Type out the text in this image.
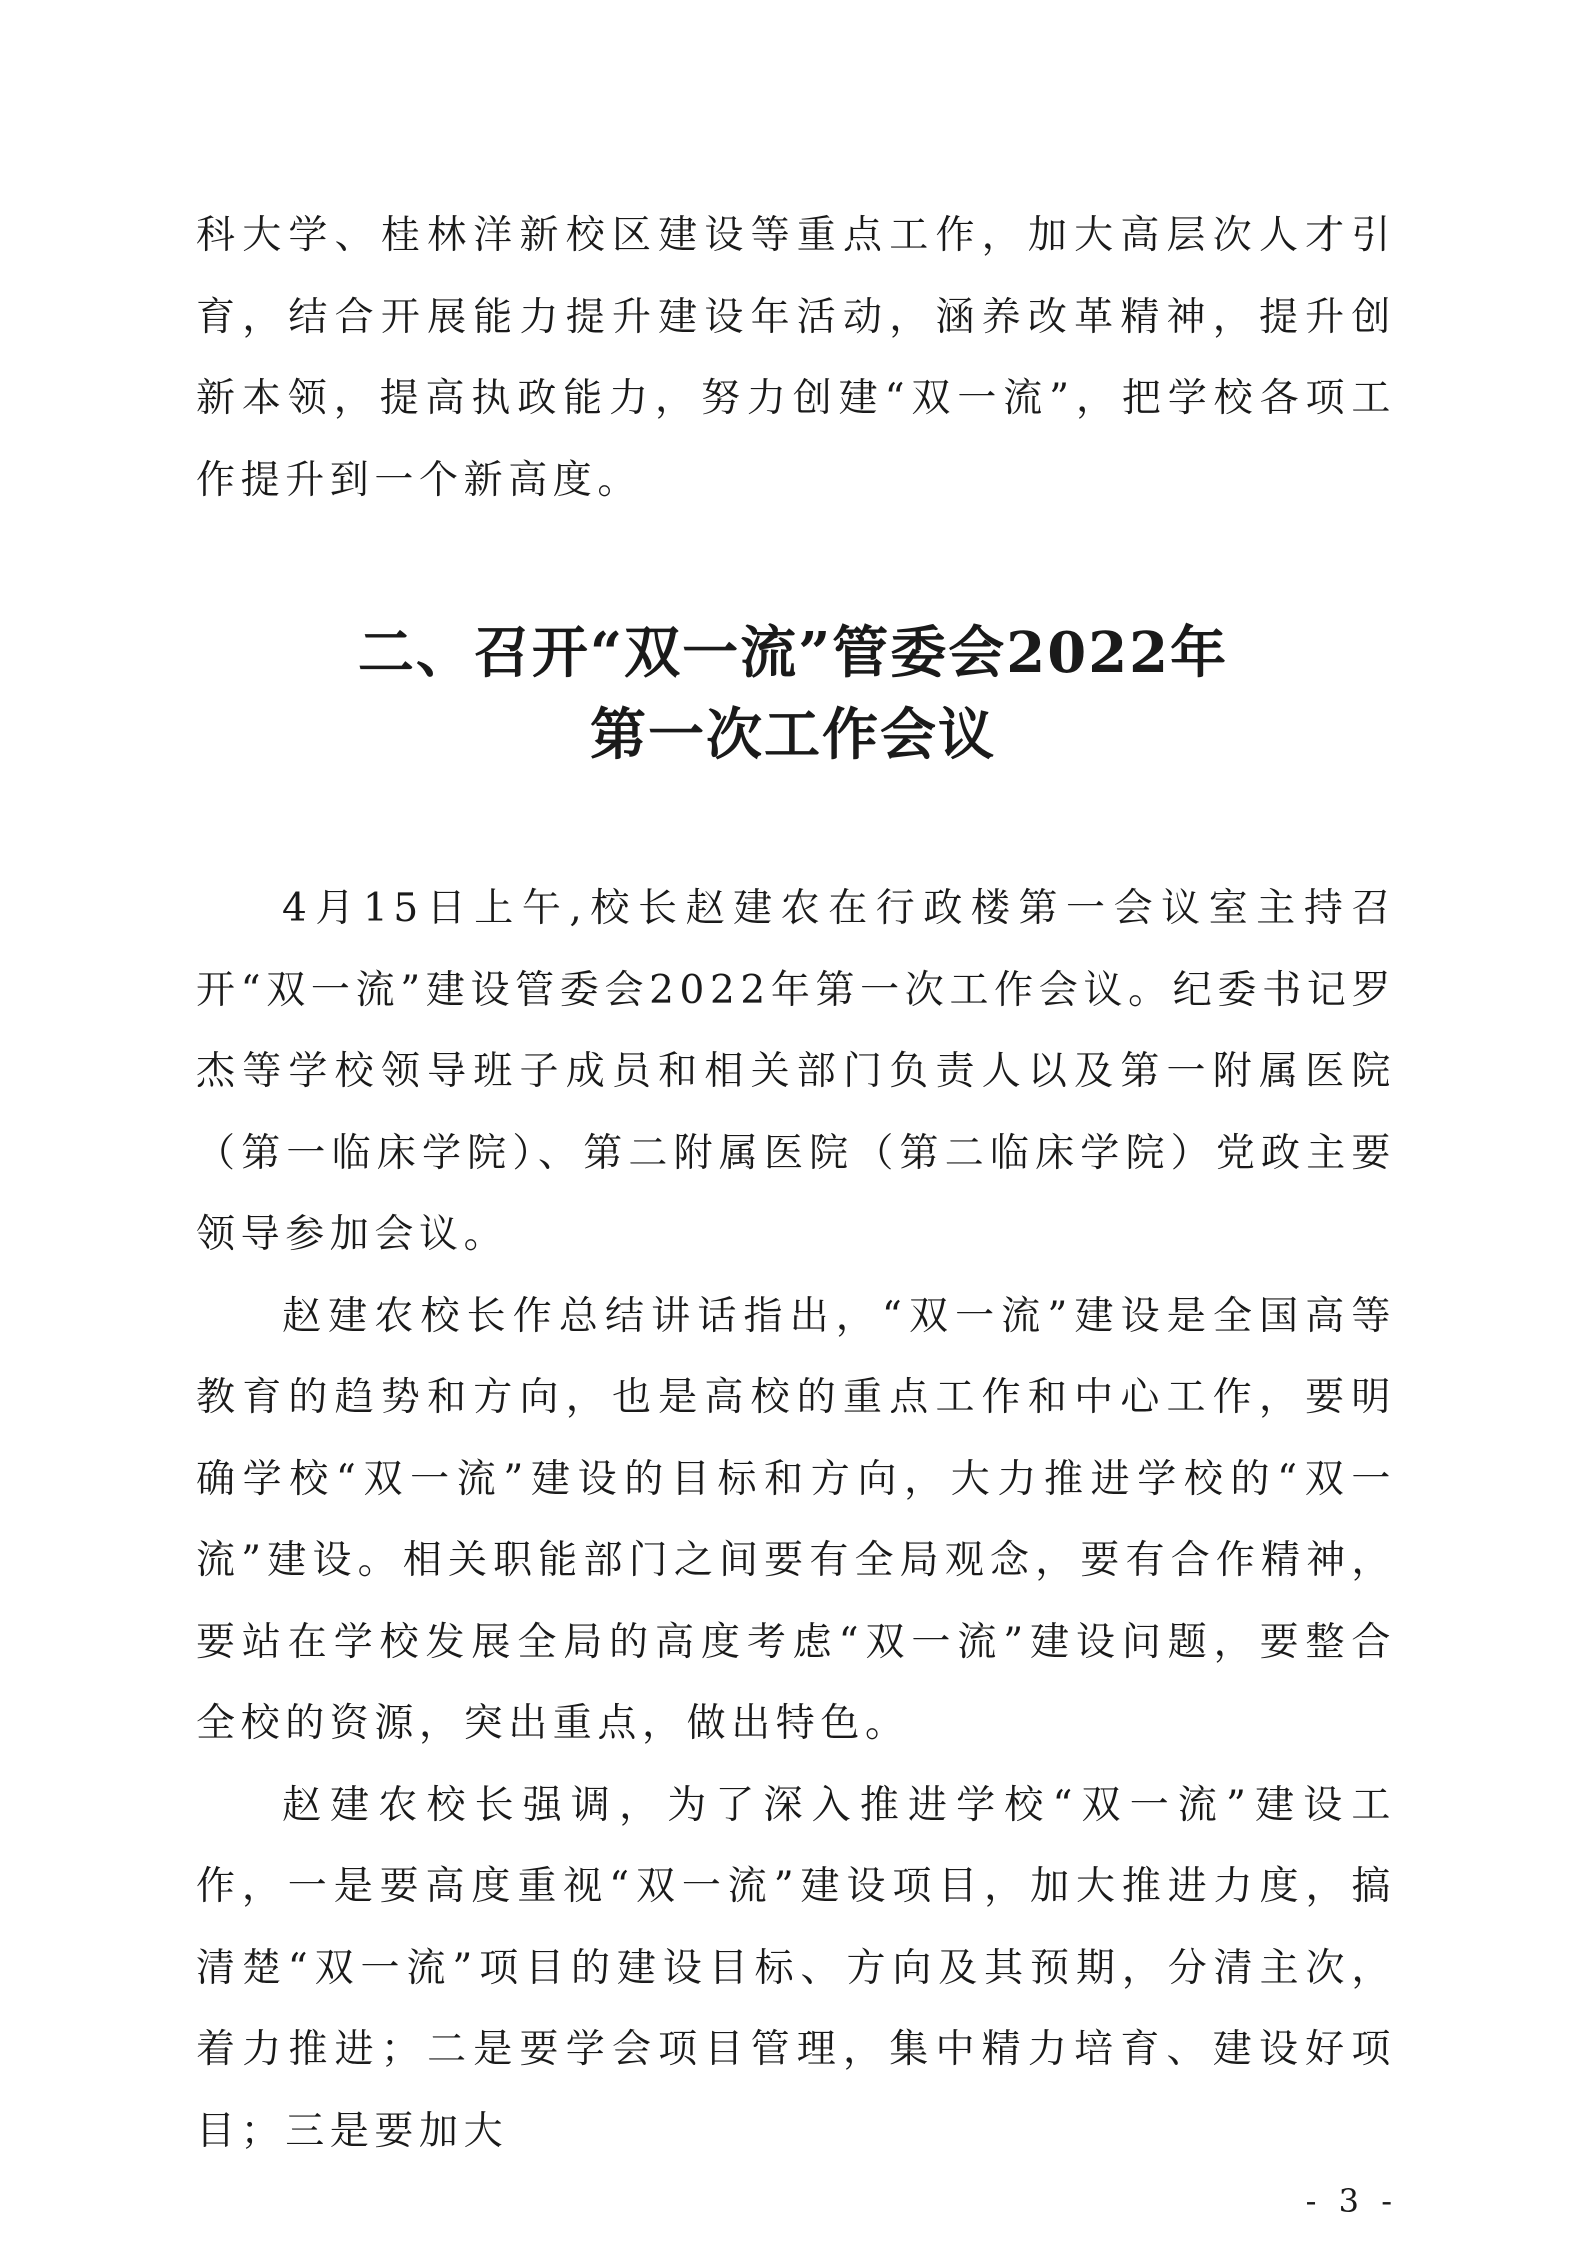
科大学、桂林洋新校区建设等重点工作，加大高层次人才引育，结合开展能力提升建设年活动，涵养改革精神，提升创新本领，提高执政能力，努力创建“双一流”，把学校各项工作提升到一个新高度。

二、召开“双一流”管委会2022年
第一次工作会议

4月15日上午,校长赵建农在行政楼第一会议室主持召开“双一流”建设管委会2022年第一次工作会议。纪委书记罗杰等学校领导班子成员和相关部门负责人以及第一附属医院（第一临床学院）、第二附属医院（第二临床学院）党政主要领导参加会议。

赵建农校长作总结讲话指出，“双一流”建设是全国高等教育的趋势和方向，也是高校的重点工作和中心工作，要明确学校“双一流”建设的目标和方向，大力推进学校的“双一流”建设。相关职能部门之间要有全局观念，要有合作精神，要站在学校发展全局的高度考虑“双一流”建设问题，要整合全校的资源，突出重点，做出特色。

赵建农校长强调，为了深入推进学校“双一流”建设工作，一是要高度重视“双一流”建设项目，加大推进力度，搞清楚“双一流”项目的建设目标、方向及其预期，分清主次，着力推进；二是要学会项目管理，集中精力培育、建设好项目；三是要加大

- 3 -
